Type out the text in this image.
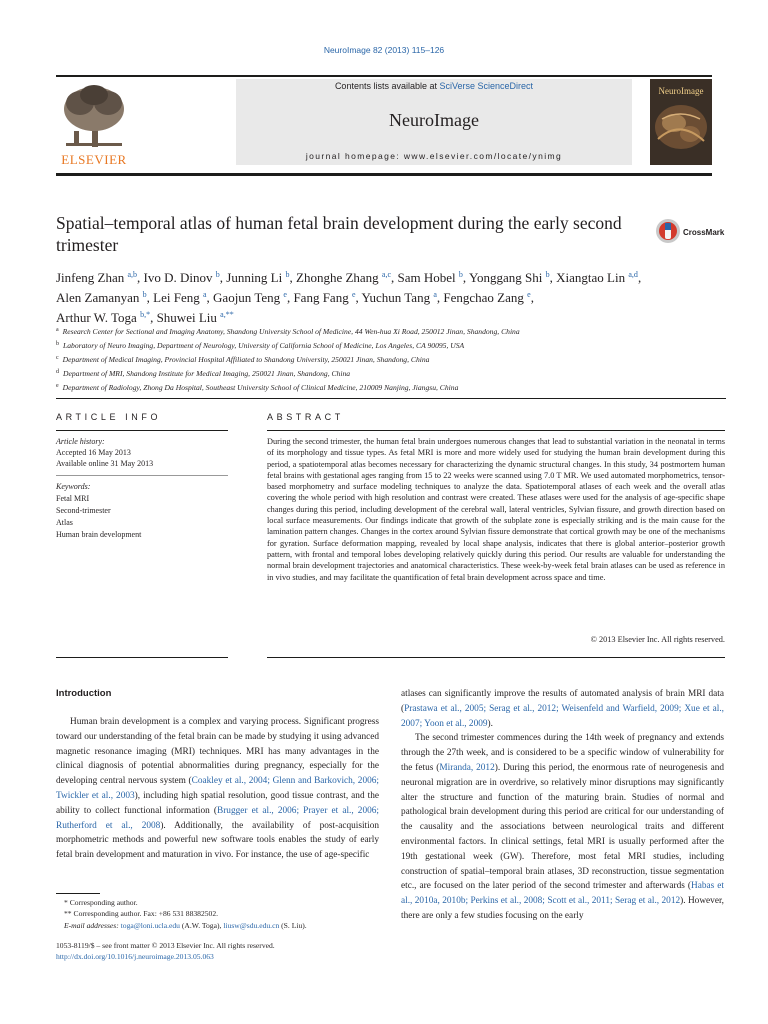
NeuroImage 82 (2013) 115–126
ELSEVIER
Contents lists available at SciVerse ScienceDirect
NeuroImage
journal homepage: www.elsevier.com/locate/ynimg
NeuroImage
Spatial–temporal atlas of human fetal brain development during the early second trimester
CrossMark
Jinfeng Zhan $^{a,b}$, Ivo D. Dinov $^b$, Junning Li $^b$, Zhonghe Zhang $^{a,c}$, Sam Hobel $^b$, Yonggang Shi $^b$, Xiangtao Lin $^{a,d}$,
Alen Zamanyan $^b$, Lei Feng $^a$, Gaojun Teng $^e$, Fang Fang $^e$, Yuchun Tang $^a$, Fengchao Zang $^e$,
Arthur W. Toga $^{b,*}$, Shuwei Liu $^{a,**}$
$^a$ Research Center for Sectional and Imaging Anatomy, Shandong University School of Medicine, 44 Wen-hua Xi Road, 250012 Jinan, Shandong, China
$^b$ Laboratory of Neuro Imaging, Department of Neurology, University of California School of Medicine, Los Angeles, CA 90095, USA
$^c$ Department of Medical Imaging, Provincial Hospital Affiliated to Shandong University, 250021 Jinan, Shandong, China
$^d$ Department of MRI, Shandong Institute for Medical Imaging, 250021 Jinan, Shandong, China
$^e$ Department of Radiology, Zhong Da Hospital, Southeast University School of Clinical Medicine, 210009 Nanjing, Jiangsu, China
ARTICLE INFO
Article history:
Accepted 16 May 2013
Available online 31 May 2013
Keywords:
Fetal MRI
Second-trimester
Atlas
Human brain development
ABSTRACT
During the second trimester, the human fetal brain undergoes numerous changes that lead to substantial variation in the neonatal in terms of its morphology and tissue types. As fetal MRI is more and more widely used for studying the human brain development during this period, a spatiotemporal atlas becomes necessary for characterizing the dynamic structural changes. In this study, 34 postmortem human fetal brains with gestational ages ranging from 15 to 22 weeks were scanned using 7.0 T MR. We used automated morphometrics, tensor-based morphometry and surface modeling techniques to analyze the data. Spatiotemporal atlases of each week and the overall atlas covering the whole period with high resolution and contrast were created. These atlases were used for the analysis of age-specific shape changes during this period, including development of the cerebral wall, lateral ventricles, Sylvian fissure, and growth direction based on local surface measurements. Our findings indicate that growth of the subplate zone is especially striking and is the main cause for the lamination pattern changes. Changes in the cortex around Sylvian fissure demonstrate that cortical growth may be one of the mechanisms for gyration. Surface deformation mapping, revealed by local shape analysis, indicates that there is global anterior–posterior growth pattern, with frontal and temporal lobes developing relatively quickly during this period. Our results are valuable for understanding the normal brain development trajectories and anatomical characteristics. These week-by-week fetal brain atlases can be used as reference in in vivo studies, and may facilitate the quantification of fetal brain development across space and time.
© 2013 Elsevier Inc. All rights reserved.
Introduction

Human brain development is a complex and varying process. Significant progress toward our understanding of the fetal brain can be made by studying it using advanced magnetic resonance imaging (MRI) techniques. MRI has many advantages in the clinical diagnosis of potential abnormalities during pregnancy, especially for the developing central nervous system (Coakley et al., 2004; Glenn and Barkovich, 2006; Twickler et al., 2003), including high spatial resolution, good tissue contrast, and the ability to collect functional information (Brugger et al., 2006; Prayer et al., 2006; Rutherford et al., 2008). Additionally, the availability of post-acquisition morphometric methods and powerful new software tools enables the study of early fetal brain development and maturation in vivo. For instance, the use of age-specific

atlases can significantly improve the results of automated analysis of brain MRI data (Prastawa et al., 2005; Serag et al., 2012; Weisenfeld and Warfield, 2009; Xue et al., 2007; Yoon et al., 2009).

The second trimester commences during the 14th week of pregnancy and extends through the 27th week, and is considered to be a specific window of vulnerability for the fetus (Miranda, 2012). During this period, the enormous rate of neurogenesis and neuronal migration are in overdrive, so relatively minor disruptions may significantly alter the structure and function of the maturing brain. Studies of normal and pathological brain development during this period are critical for our understanding of the causality and the associations between neurological traits and different environmental factors. In clinical settings, fetal MRI is usually performed after the 19th gestational week (GW). Therefore, most fetal MRI studies, including construction of spatial–temporal brain atlases, 3D reconstruction, tissue segmentation etc., are focused on the later period of the second trimester and afterwards (Habas et al., 2010a, 2010b; Perkins et al., 2008; Scott et al., 2011; Serag et al., 2012). However, there are only a few studies focusing on the early

* Corresponding author.
** Corresponding author. Fax: +86 531 88382502.
E-mail addresses: toga@loni.ucla.edu (A.W. Toga), liusw@sdu.edu.cn (S. Liu).
1053-8119/$ – see front matter © 2013 Elsevier Inc. All rights reserved.
http://dx.doi.org/10.1016/j.neuroimage.2013.05.063
